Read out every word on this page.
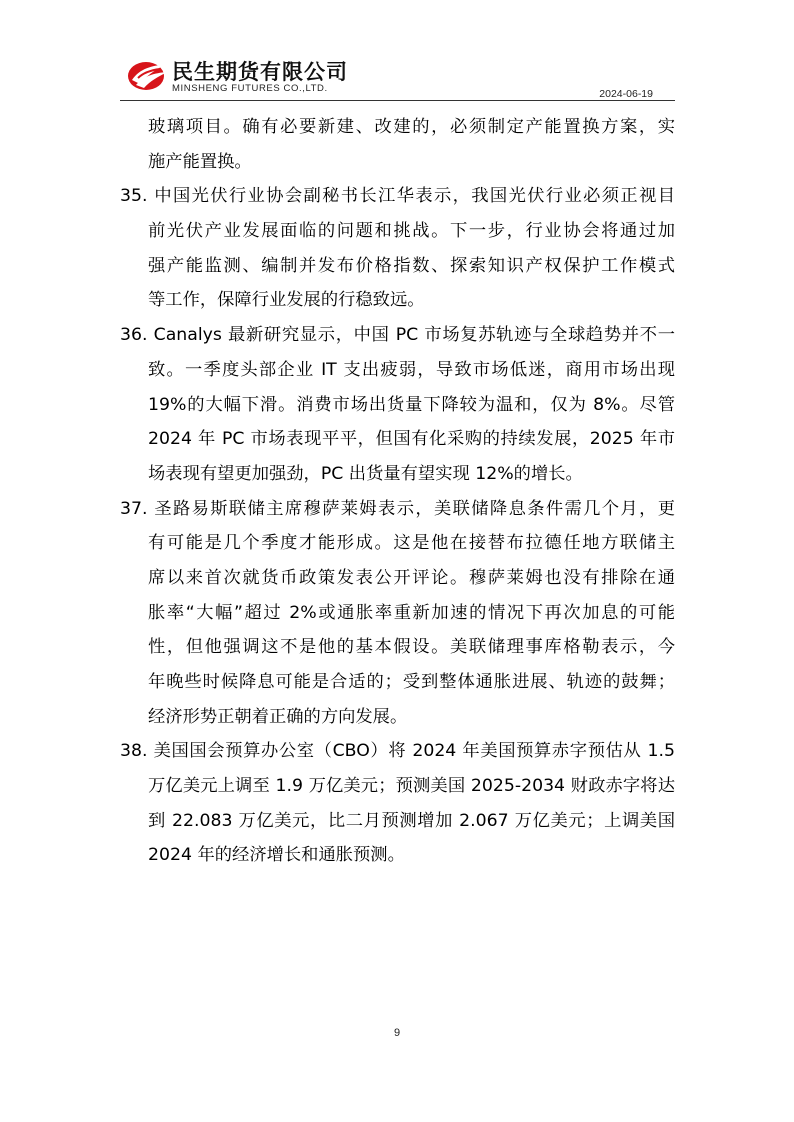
民生期货有限公司
MINSHENG FUTURES CO.,LTD.	2024-06-19
玻璃项目。确有必要新建、改建的，必须制定产能置换方案，实
施产能置换。
35. 中国光伏行业协会副秘书长江华表示，我国光伏行业必须正视目
前光伏产业发展面临的问题和挑战。下一步，行业协会将通过加
强产能监测、编制并发布价格指数、探索知识产权保护工作模式
等工作，保障行业发展的行稳致远。
36. Canalys 最新研究显示，中国 PC 市场复苏轨迹与全球趋势并不一
致。一季度头部企业 IT 支出疲弱，导致市场低迷，商用市场出现
19%的大幅下滑。消费市场出货量下降较为温和，仅为 8%。尽管
2024 年 PC 市场表现平平，但国有化采购的持续发展，2025 年市
场表现有望更加强劲，PC 出货量有望实现 12%的增长。
37. 圣路易斯联储主席穆萨莱姆表示，美联储降息条件需几个月，更
有可能是几个季度才能形成。这是他在接替布拉德任地方联储主
席以来首次就货币政策发表公开评论。穆萨莱姆也没有排除在通
胀率“大幅”超过 2%或通胀率重新加速的情况下再次加息的可能
性，但他强调这不是他的基本假设。美联储理事库格勒表示，今
年晚些时候降息可能是合适的；受到整体通胀进展、轨迹的鼓舞；
经济形势正朝着正确的方向发展。
38. 美国国会预算办公室（CBO）将 2024 年美国预算赤字预估从 1.5
万亿美元上调至 1.9 万亿美元；预测美国 2025-2034 财政赤字将达
到 22.083 万亿美元，比二月预测增加 2.067 万亿美元；上调美国
2024 年的经济增长和通胀预测。
9
